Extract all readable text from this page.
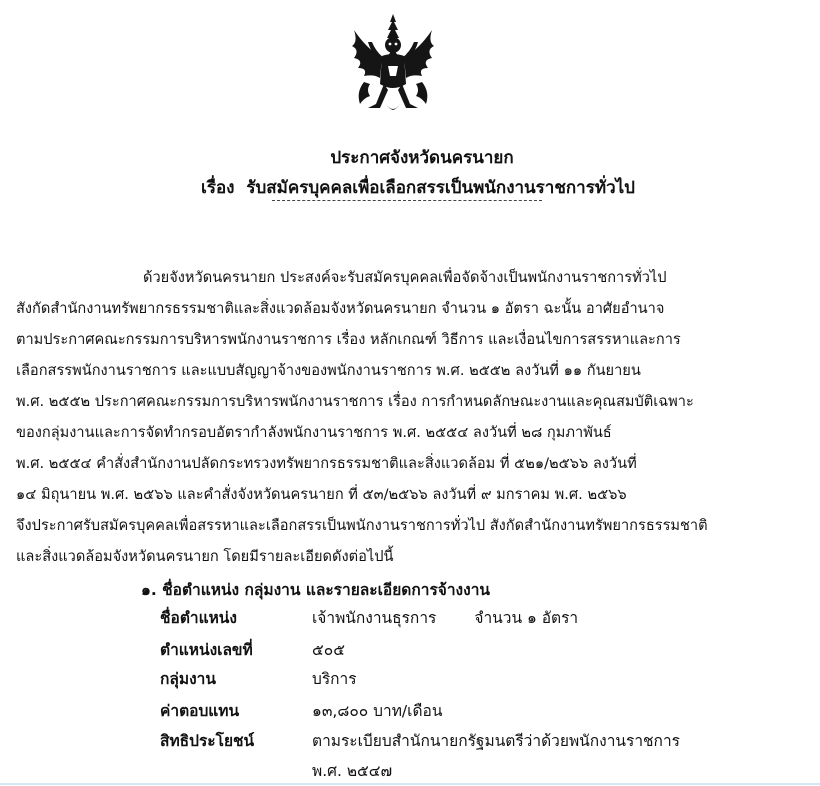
ประกาศจังหวัดนครนายก
เรื่อง รับสมัครบุคคลเพื่อเลือกสรรเป็นพนักงานราชการทั่วไป
ด้วยจังหวัดนครนายก ประสงค์จะรับสมัครบุคคลเพื่อจัดจ้างเป็นพนักงานราชการทั่วไป
สังกัดสำนักงานทรัพยากรธรรมชาติและสิ่งแวดล้อมจังหวัดนครนายก จำนวน ๑ อัตรา ฉะนั้น อาศัยอำนาจ
ตามประกาศคณะกรรมการบริหารพนักงานราชการ เรื่อง หลักเกณฑ์ วิธีการ และเงื่อนไขการสรรหาและการ
เลือกสรรพนักงานราชการ และแบบสัญญาจ้างของพนักงานราชการ พ.ศ. ๒๕๕๒ ลงวันที่ ๑๑ กันยายน
พ.ศ. ๒๕๕๒ ประกาศคณะกรรมการบริหารพนักงานราชการ เรื่อง การกำหนดลักษณะงานและคุณสมบัติเฉพาะ
ของกลุ่มงานและการจัดทำกรอบอัตรากำลังพนักงานราชการ พ.ศ. ๒๕๕๔ ลงวันที่ ๒๘ กุมภาพันธ์
พ.ศ. ๒๕๕๔ คำสั่งสำนักงานปลัดกระทรวงทรัพยากรธรรมชาติและสิ่งแวดล้อม ที่ ๕๒๑/๒๕๖๖ ลงวันที่
๑๔ มิถุนายน พ.ศ. ๒๕๖๖ และคำสั่งจังหวัดนครนายก ที่ ๕๓/๒๕๖๖ ลงวันที่ ๙ มกราคม พ.ศ. ๒๕๖๖
จึงประกาศรับสมัครบุคคลเพื่อสรรหาและเลือกสรรเป็นพนักงานราชการทั่วไป สังกัดสำนักงานทรัพยากรธรรมชาติ
และสิ่งแวดล้อมจังหวัดนครนายก โดยมีรายละเอียดดังต่อไปนี้
๑. ชื่อตำแหน่ง กลุ่มงาน และรายละเอียดการจ้างงาน
ชื่อตำแหน่ง	เจ้าพนักงานธุรการ จำนวน ๑ อัตรา
ตำแหน่งเลขที่	๕๐๕
กลุ่มงาน	บริการ
ค่าตอบแทน	๑๓,๘๐๐ บาท/เดือน
สิทธิประโยชน์	ตามระเบียบสำนักนายกรัฐมนตรีว่าด้วยพนักงานราชการ
พ.ศ. ๒๕๔๗
